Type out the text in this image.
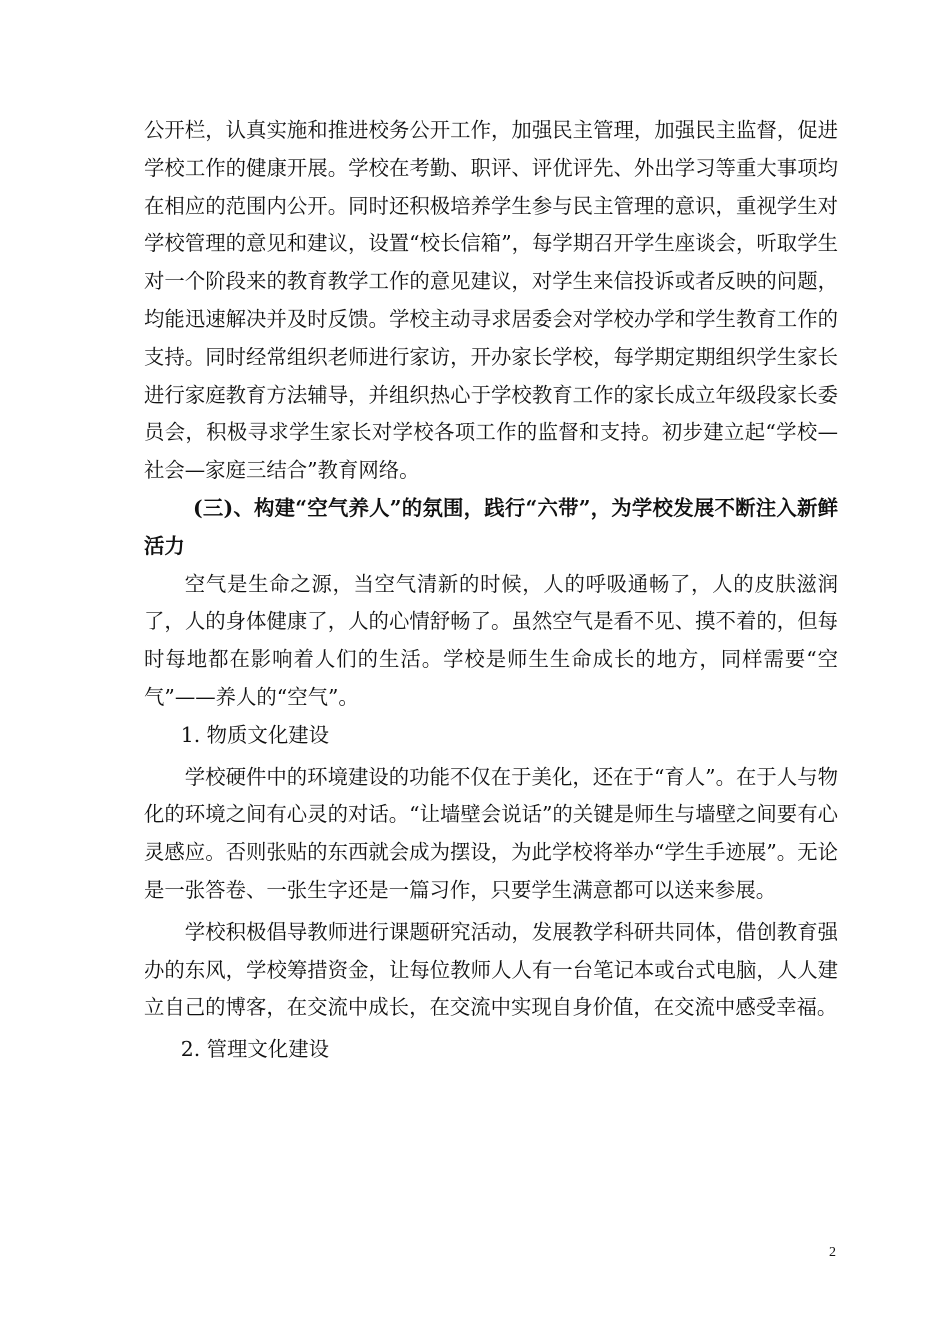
公开栏，认真实施和推进校务公开工作，加强民主管理，加强民主监督，促进学校工作的健康开展。学校在考勤、职评、评优评先、外出学习等重大事项均在相应的范围内公开。同时还积极培养学生参与民主管理的意识，重视学生对学校管理的意见和建议，设置“校长信箱”，每学期召开学生座谈会，听取学生对一个阶段来的教育教学工作的意见建议，对学生来信投诉或者反映的问题，均能迅速解决并及时反馈。学校主动寻求居委会对学校办学和学生教育工作的支持。同时经常组织老师进行家访，开办家长学校，每学期定期组织学生家长进行家庭教育方法辅导，并组织热心于学校教育工作的家长成立年级段家长委员会，积极寻求学生家长对学校各项工作的监督和支持。初步建立起“学校—社会—家庭三结合”教育网络。

(三)、构建“空气养人”的氛围，践行“六带”，为学校发展不断注入新鲜活力

空气是生命之源，当空气清新的时候，人的呼吸通畅了，人的皮肤滋润了，人的身体健康了，人的心情舒畅了。虽然空气是看不见、摸不着的，但每时每地都在影响着人们的生活。学校是师生生命成长的地方，同样需要“空气”——养人的“空气”。

1. 物质文化建设

学校硬件中的环境建设的功能不仅在于美化，还在于“育人”。在于人与物化的环境之间有心灵的对话。“让墙壁会说话”的关键是师生与墙壁之间要有心灵感应。否则张贴的东西就会成为摆设，为此学校将举办“学生手迹展”。无论是一张答卷、一张生字还是一篇习作，只要学生满意都可以送来参展。

学校积极倡导教师进行课题研究活动，发展教学科研共同体，借创教育强办的东风，学校筹措资金，让每位教师人人有一台笔记本或台式电脑，人人建立自己的博客，在交流中成长，在交流中实现自身价值，在交流中感受幸福。

2. 管理文化建设

2
